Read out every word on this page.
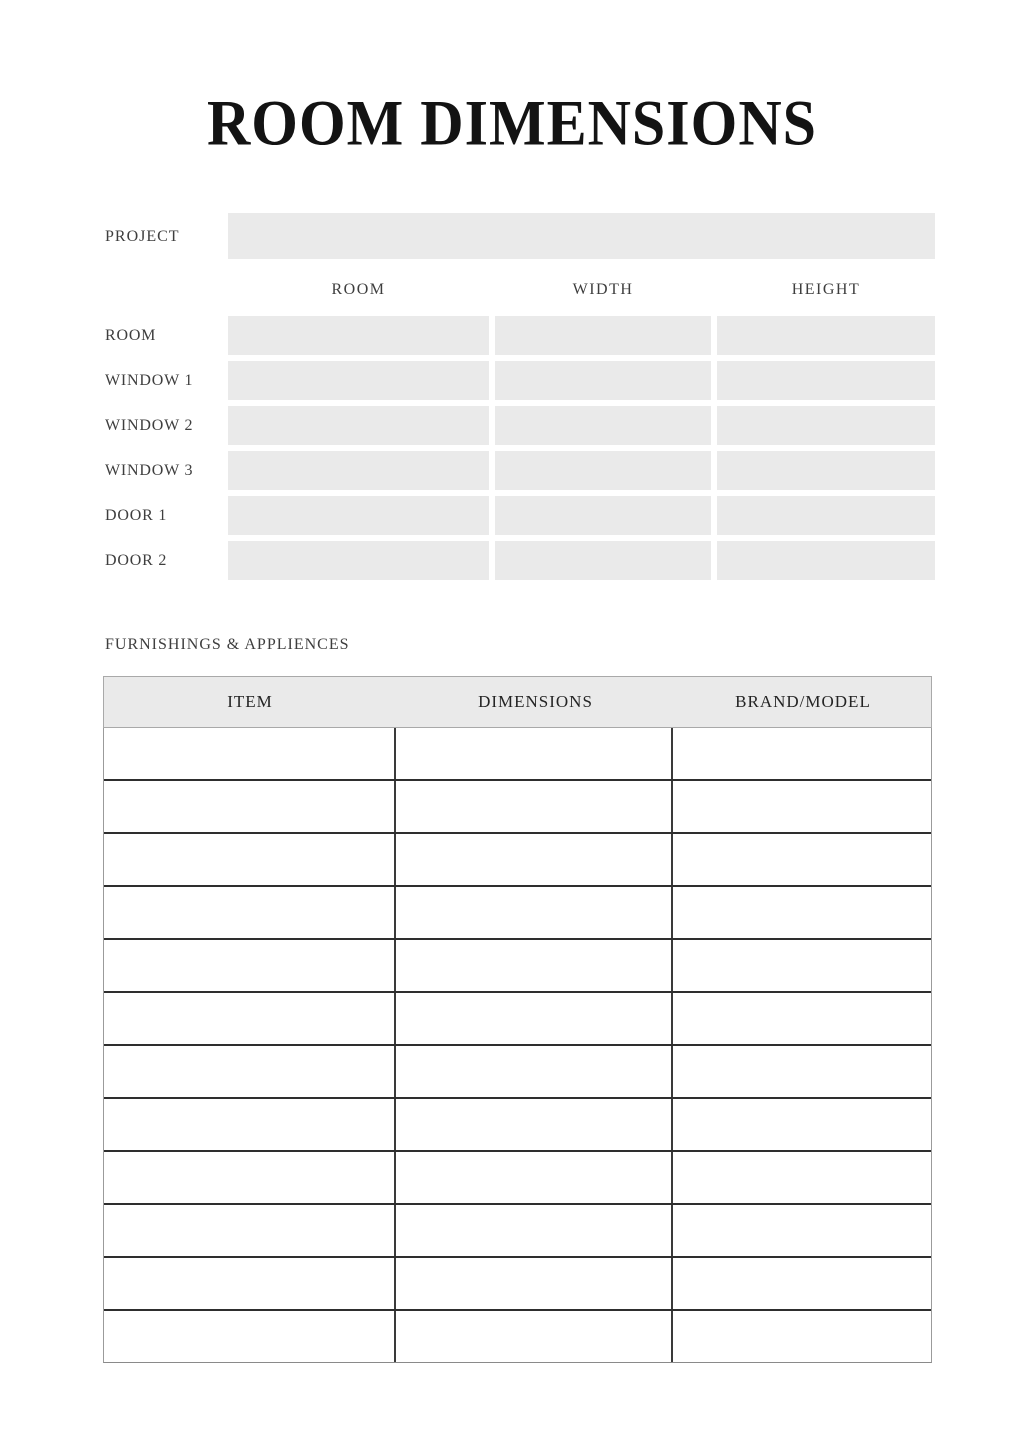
ROOM DIMENSIONS
PROJECT
ROOM	WIDTH	HEIGHT
ROOM
WINDOW 1
WINDOW 2
WINDOW 3
DOOR 1
DOOR 2
FURNISHINGS & APPLIENCES
ITEM	DIMENSIONS	BRAND/MODEL
